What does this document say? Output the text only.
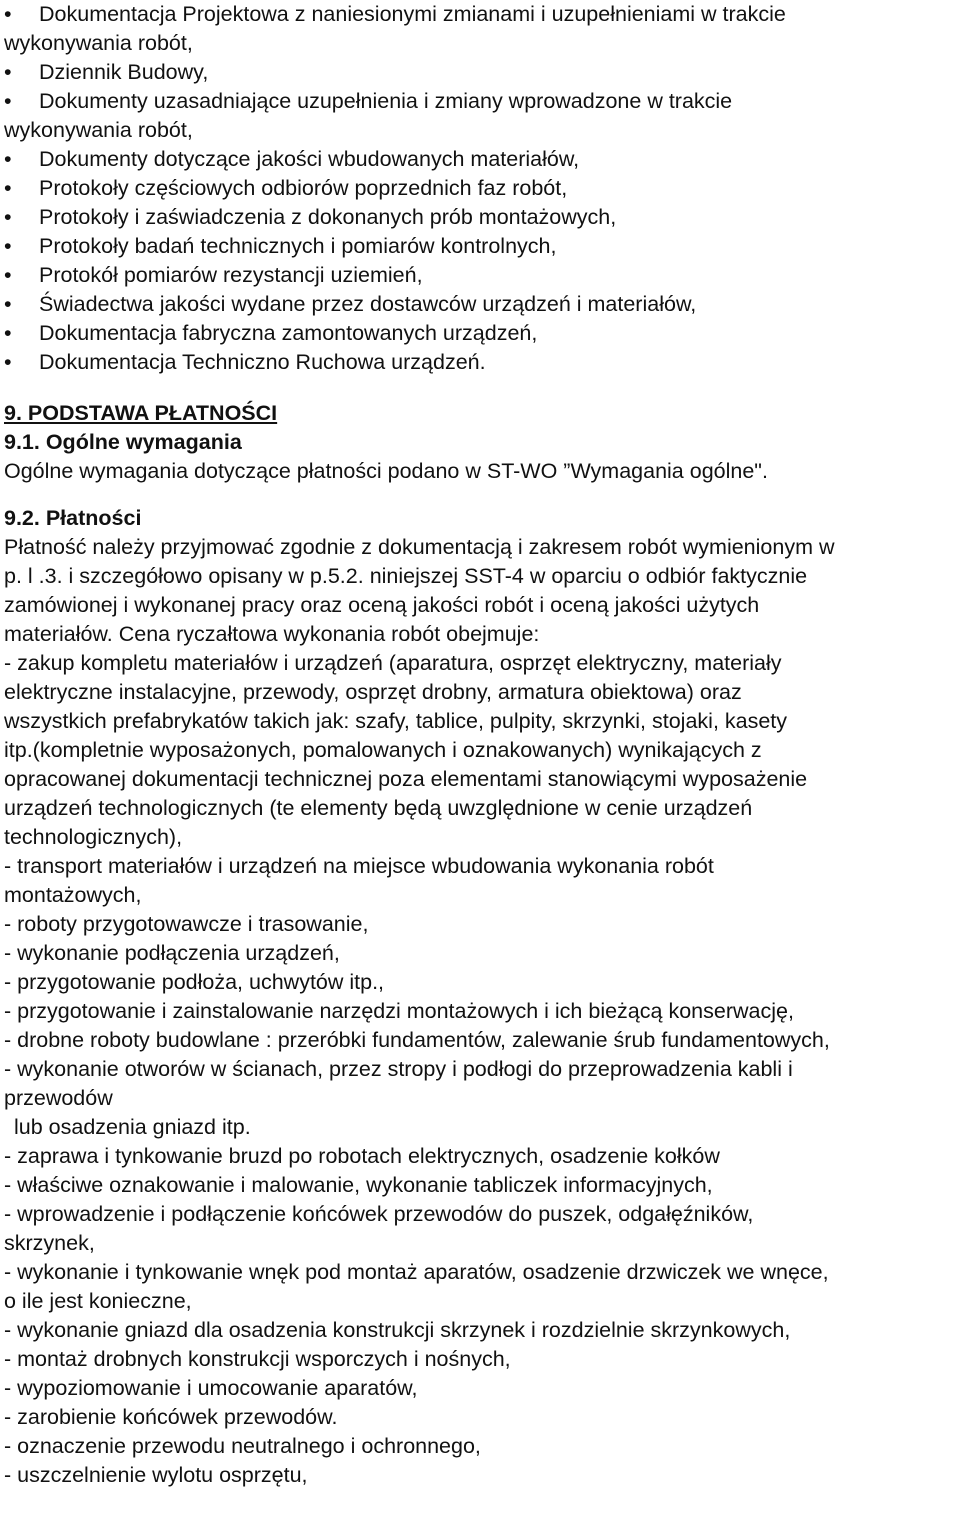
• Dokumentacja Projektowa z naniesionymi zmianami i uzupełnieniami w trakcie
wykonywania robót,
• Dziennik Budowy,
• Dokumenty uzasadniające uzupełnienia i zmiany wprowadzone w trakcie
wykonywania robót,
• Dokumenty dotyczące jakości wbudowanych materiałów,
• Protokoły częściowych odbiorów poprzednich faz robót,
• Protokoły i zaświadczenia z dokonanych prób montażowych,
• Protokoły badań technicznych i pomiarów kontrolnych,
• Protokół pomiarów rezystancji uziemień,
• Świadectwa jakości wydane przez dostawców urządzeń i materiałów,
• Dokumentacja fabryczna zamontowanych urządzeń,
• Dokumentacja Techniczno Ruchowa urządzeń.
9. PODSTAWA PŁATNOŚCI
9.1. Ogólne wymagania
Ogólne wymagania dotyczące płatności podano w ST-WO ”Wymagania ogólne".
9.2. Płatności
Płatność należy przyjmować zgodnie z dokumentacją i zakresem robót wymienionym w
p. l .3. i szczegółowo opisany w p.5.2. niniejszej SST-4 w oparciu o odbiór faktycznie
zamówionej i wykonanej pracy oraz oceną jakości robót i oceną jakości użytych
materiałów. Cena ryczałtowa wykonania robót obejmuje:
- zakup kompletu materiałów i urządzeń (aparatura, osprzęt elektryczny, materiały
elektryczne instalacyjne, przewody, osprzęt drobny, armatura obiektowa) oraz
wszystkich prefabrykatów takich jak: szafy, tablice, pulpity, skrzynki, stojaki, kasety
itp.(kompletnie wyposażonych, pomalowanych i oznakowanych) wynikających z
opracowanej dokumentacji technicznej poza elementami stanowiącymi wyposażenie
urządzeń technologicznych (te elementy będą uwzględnione w cenie urządzeń
technologicznych),
- transport materiałów i urządzeń na miejsce wbudowania wykonania robót
montażowych,
- roboty przygotowawcze i trasowanie,
- wykonanie podłączenia urządzeń,
- przygotowanie podłoża, uchwytów itp.,
- przygotowanie i zainstalowanie narzędzi montażowych i ich bieżącą konserwację,
- drobne roboty budowlane : przeróbki fundamentów, zalewanie śrub fundamentowych,
- wykonanie otworów w ścianach, przez stropy i podłogi do przeprowadzenia kabli i
przewodów
lub osadzenia gniazd itp.
- zaprawa i tynkowanie bruzd po robotach elektrycznych, osadzenie kołków
- właściwe oznakowanie i malowanie, wykonanie tabliczek informacyjnych,
- wprowadzenie i podłączenie końcówek przewodów do puszek, odgałęźników,
skrzynek,
- wykonanie i tynkowanie wnęk pod montaż aparatów, osadzenie drzwiczek we wnęce,
o ile jest konieczne,
- wykonanie gniazd dla osadzenia konstrukcji skrzynek i rozdzielnie skrzynkowych,
- montaż drobnych konstrukcji wsporczych i nośnych,
- wypoziomowanie i umocowanie aparatów,
- zarobienie końcówek przewodów.
- oznaczenie przewodu neutralnego i ochronnego,
- uszczelnienie wylotu osprzętu,
